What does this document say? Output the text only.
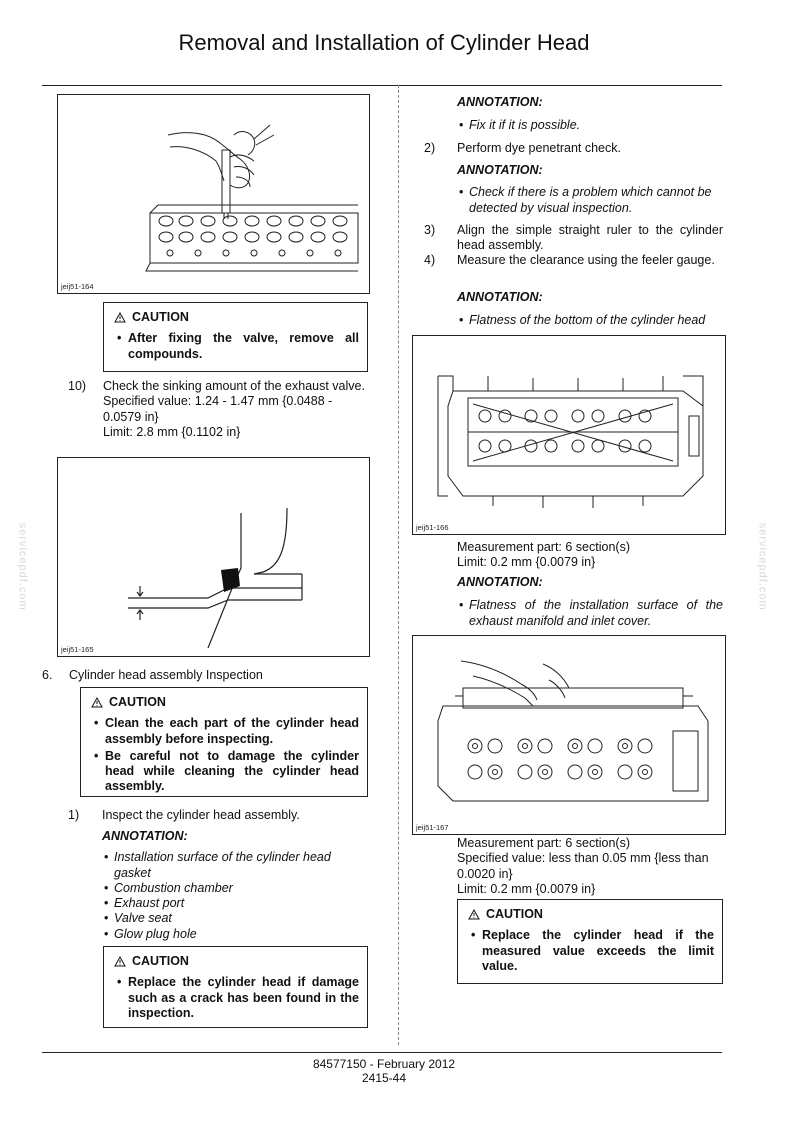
Removal and Installation of Cylinder Head
84577150 - February 2012
2415-44
servicepdf.com	servicepdf.com
jeij51-164
CAUTION
• After fixing the valve, remove all compounds.
10) Check the sinking amount of the exhaust valve.
Specified value: 1.24 - 1.47 mm {0.0488 - 0.0579 in}
Limit: 2.8 mm {0.1102 in}
jeij51-165
6. Cylinder head assembly Inspection
CAUTION
• Clean the each part of the cylinder head assembly before inspecting.
• Be careful not to damage the cylinder head while cleaning the cylinder head assembly.
1) Inspect the cylinder head assembly.
ANNOTATION:
• Installation surface of the cylinder head gasket
• Combustion chamber
• Exhaust port
• Valve seat
• Glow plug hole
CAUTION
• Replace the cylinder head if damage such as a crack has been found in the inspection.
ANNOTATION:
• Fix it if it is possible.
2) Perform dye penetrant check.
ANNOTATION:
• Check if there is a problem which cannot be detected by visual inspection.
3) Align the simple straight ruler to the cylinder head assembly.
4) Measure the clearance using the feeler gauge.
ANNOTATION:
• Flatness of the bottom of the cylinder head
jeij51-166
Measurement part: 6 section(s)
Limit: 0.2 mm {0.0079 in}
ANNOTATION:
• Flatness of the installation surface of the exhaust manifold and inlet cover.
jeij51-167
Measurement part: 6 section(s)
Specified value: less than 0.05 mm {less than 0.0020 in}
Limit: 0.2 mm {0.0079 in}
CAUTION
• Replace the cylinder head if the measured value exceeds the limit value.
